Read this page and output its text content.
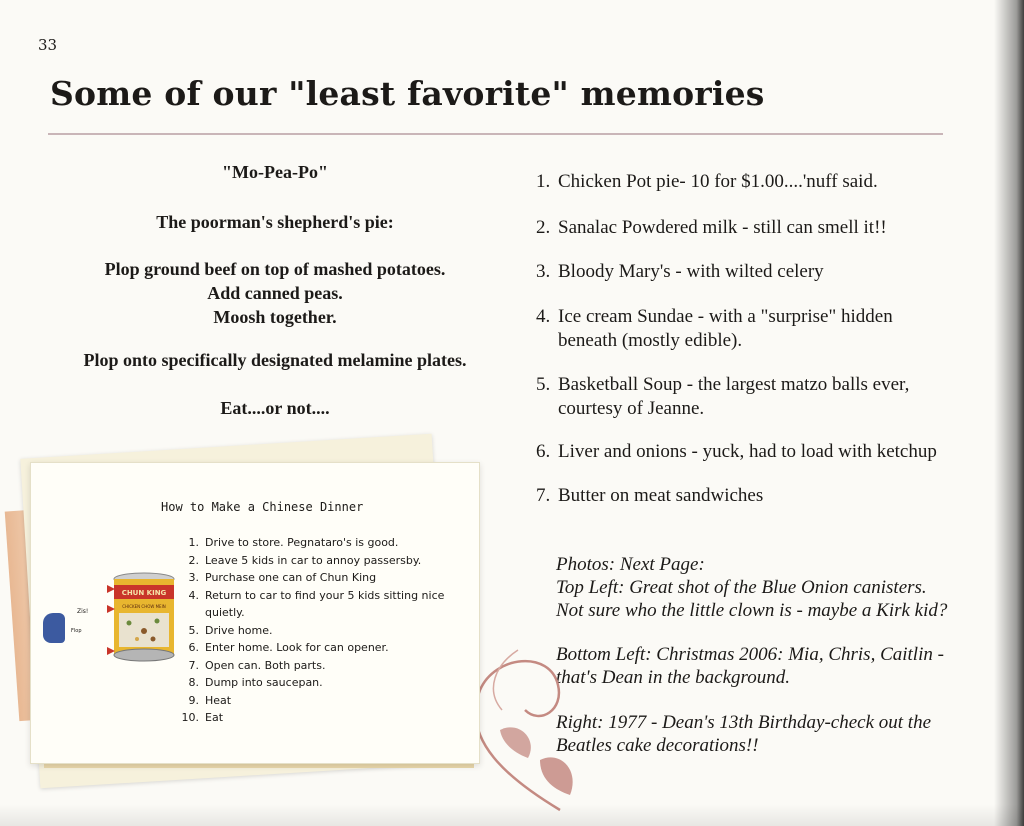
33
Some of our "least favorite" memories

"Mo-Pea-Po"

The poorman's shepherd's pie:

Plop ground beef on top of mashed potatoes.

Add canned peas.

Moosh together.

Plop onto specifically designated melamine plates.

Eat....or not....

1. Chicken Pot pie- 10 for $1.00....'nuff said.
2. Sanalac Powdered milk - still can smell it!!
3. Bloody Mary's - with wilted celery
4. Ice cream Sundae - with a "surprise" hidden beneath (mostly edible).
5. Basketball Soup - the largest matzo balls ever, courtesy of Jeanne.
6. Liver and onions - yuck, had to load with ketchup
7. Butter on meat sandwiches
Photos: Next Page:
Top Left: Great shot of the Blue Onion canisters.
Not sure who the little clown is - maybe a Kirk kid?
Bottom Left: Christmas 2006: Mia, Chris, Caitlin -
that's Dean in the background.
Right: 1977 - Dean's 13th Birthday-check out the
Beatles cake decorations!!
How to Make a Chinese Dinner
CHUN KING
CHICKEN CHOW MEIN
Zis!
Flop
1. Drive to store. Pegnataro's is good.
2. Leave 5 kids in car to annoy passersby.
3. Purchase one can of Chun King
4. Return to car to find your 5 kids sitting nice quietly.
5. Drive home.
6. Enter home. Look for can opener.
7. Open can. Both parts.
8. Dump into saucepan.
9. Heat
10. Eat
